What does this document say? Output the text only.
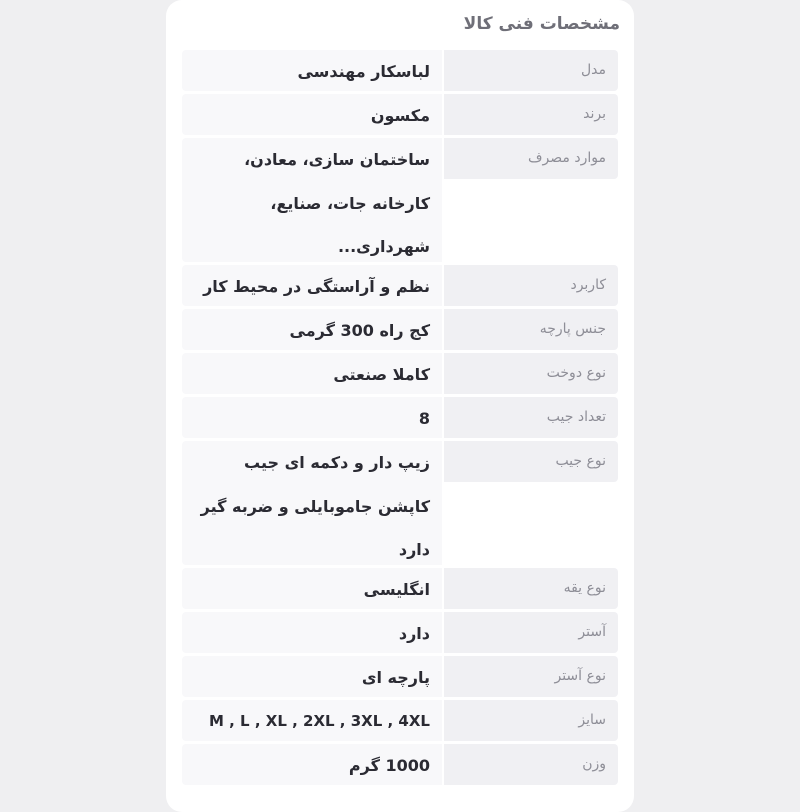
مشخصات فنی کالا
مدل
لباسکار مهندسی
برند
مکسون
موارد مصرف
ساختمان سازی، معادن،
کارخانه جات، صنایع،
شهرداری...
کاربرد
نظم و آراستگی در محیط کار
جنس پارچه
کج راه 300 گرمی
نوع دوخت
کاملا صنعتی
تعداد جیب
8
نوع جیب
زیپ دار و دکمه ای جیب
کاپشن جاموبایلی و ضربه گیر
دارد
نوع یقه
انگلیسی
آستر
دارد
نوع آستر
پارچه ای
سایز
M , L , XL , 2XL , 3XL , 4XL
وزن
1000 گرم
